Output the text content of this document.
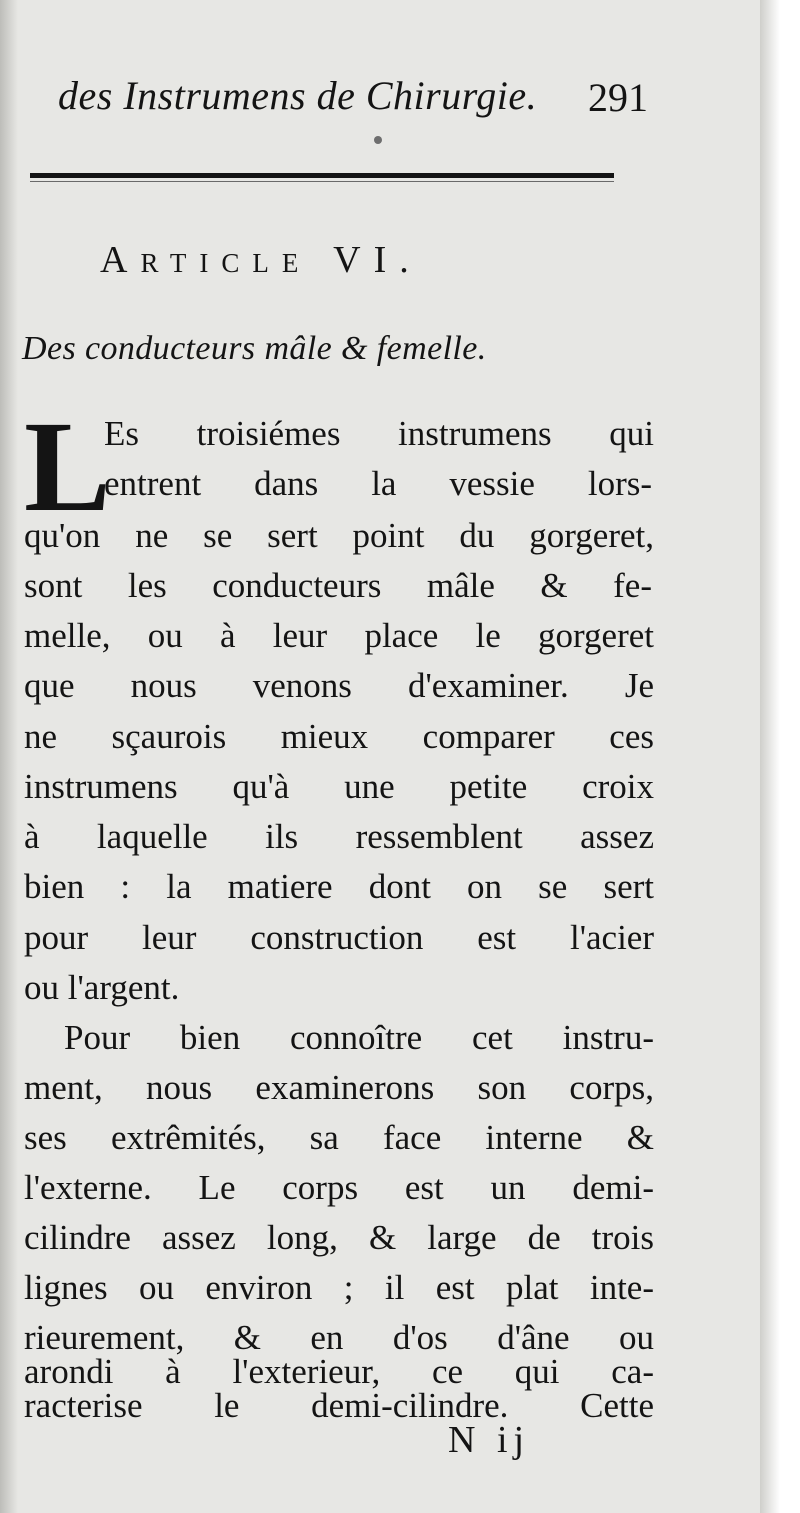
des Instrumens de Chirurgie. 291
Article VI.
Des conducteurs mâle & femelle.
L
Es troisiémes instrumens qui
entrent dans la vessie lors-
qu'on ne se sert point du gorgeret,
sont les conducteurs mâle & fe-
melle, ou à leur place le gorgeret
que nous venons d'examiner. Je
ne sçaurois mieux comparer ces
instrumens qu'à une petite croix
à laquelle ils ressemblent assez
bien : la matiere dont on se sert
pour leur construction est l'acier
ou l'argent.
Pour bien connoître cet instru-
ment, nous examinerons son corps,
ses extrêmités, sa face interne &
l'externe. Le corps est un demi-
cilindre assez long, & large de trois
lignes ou environ ; il est plat inte-
rieurement, & en d'os d'âne ou
arondi à l'exterieur, ce qui ca-
N ij
racterise le demi-cilindre. Cette
